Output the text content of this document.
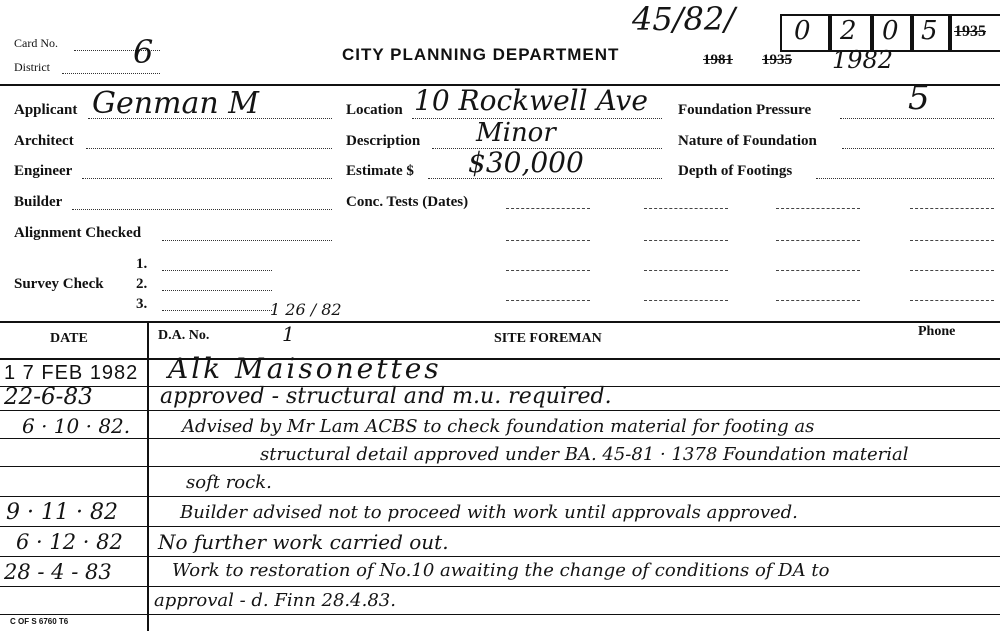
Card No. 6
District
CITY PLANNING DEPARTMENT
45/82/ 0 2 0 5 1935
1981 1935 1982
Applicant Genman M
Architect
Engineer
Builder
Alignment Checked
Survey Check
1.
2.
3.	1 26 / 82
Location 10 Rockwell Ave
Description Minor
Estimate $ $30,000
Conc. Tests (Dates)
Foundation Pressure	5
Nature of Foundation
Depth of Footings
DATE	D.A. No.	1	SITE FOREMAN	Phone
1 7 FEB 1982 Alk Maisonettes
22-6-83	approved - structural and m.u. required.
6 · 10 · 82.	Advised by Mr Lam ACBS to check foundation material for footing as
structural detail approved under BA. 45-81 · 1378 Foundation material
soft rock.
9 · 11 · 82	Builder advised not to proceed with work until approvals approved.
6 · 12 · 82 No further work carried out.
28 - 4 - 83	Work to restoration of No.10 awaiting the change of conditions of DA to
approval - d. Finn 28.4.83.
C OF S 6760 T6
